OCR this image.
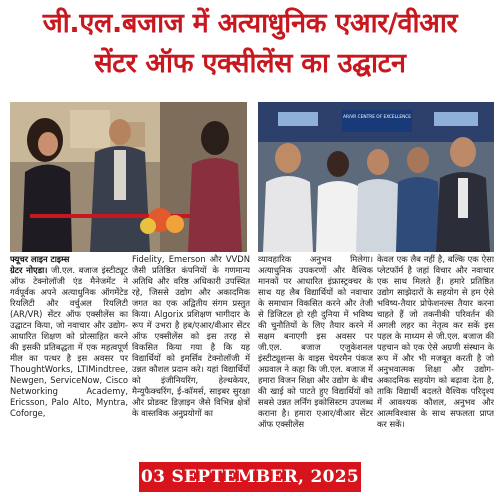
जी.एल.बजाज में अत्याधुनिक एआर/वीआर
सेंटर ऑफ एक्सीलेंस का उद्घाटन
AR/VR CENTRE OF EXCELLENCE

फ्यूचर लाइन टाइम्स
ग्रेटर नोएडा। जी.एल. बजाज इंस्टीट्यूट ऑफ टेक्नोलॉजी एंड मैनेजमेंट ने गर्वपूर्वक अपने अत्याधुनिक ऑगमेंटेड रियलिटी और वर्चुअल रियलिटी (AR/VR) सेंटर ऑफ एक्सीलेंस का उद्घाटन किया, जो नवाचार और उद्योग-आधारित शिक्षण को प्रोत्साहित करने की इसकी प्रतिबद्धता में एक महत्वपूर्ण मील का पत्थर है इस अवसर पर ThoughtWorks, LTIMindtree, Newgen, ServiceNow, Cisco Networking Academy, Ericsson, Palo Alto, Myntra, Coforge,

Fidelity, Emerson और VVDN जैसी प्रतिष्ठित कंपनियों के गणमान्य अतिथि और वरिष्ठ अधिकारी उपस्थित रहे, जिससे उद्योग और अकादमिक जगत का एक अद्वितीय संगम प्रस्तुत किया। Algorix प्रशिक्षण भागीदार के रूप में उभरा है हब/एआर/वीआर सेंटर ऑफ एक्सीलेंस को इस तरह से विकसित किया गया है कि यह विद्यार्थियों को इमर्सिव टेक्नोलॉजी में उन्नत कौशल प्रदान करे। यहां विद्यार्थियों को इंजीनियरिंग, हेल्थकेयर, मैन्युफैक्चरिंग, ई-कॉमर्स, साइबर सुरक्षा और प्रोडक्ट डिज़ाइन जैसे विभिन्न क्षेत्रों के वास्तविक अनुप्रयोगों का

व्यावहारिक अनुभव मिलेगा। अत्याधुनिक उपकरणों और वैश्विक मानकों पर आधारित इंफ्रास्ट्रक्चर के साथ यह लैब विद्यार्थियों को नवाचार के समाधान विकसित करने और तेजी से डिजिटल हो रही दुनिया में भविष्य की चुनौतियों के लिए तैयार करने में सक्षम बनाएगी इस अवसर पर जी.एल. बजाज एजुकेशनल इंस्टीट्यूशन्स के वाइस चेयरमैन पंकज अग्रवाल ने कहा कि जी.एल. बजाज में हमारा विजन शिक्षा और उद्योग के बीच की खाई को पाटते हुए विद्यार्थियों को सबसे उन्नत लर्निंग इकोसिस्टम उपलब्ध कराना है। हमारा एआर/वीआर सेंटर ऑफ एक्सीलेंस

केवल एक लैब नहीं है, बल्कि एक ऐसा प्लेटफॉर्म है जहां विचार और नवाचार एक साथ मिलते हैं। हमारे प्रतिष्ठित उद्योग साझेदारों के सहयोग से हम ऐसे भविष्य-तैयार प्रोफेशनल्स तैयार करना चाहते हैं जो तकनीकी परिवर्तन की अगली लहर का नेतृत्व कर सकें इस पहल के माध्यम से जी.एल. बजाज की पहचान को एक ऐसे अग्रणी संस्थान के रूप में और भी मजबूत करती है जो अनुभवात्मक शिक्षा और उद्योग-अकादमिक सहयोग को बढ़ावा देता है, ताकि विद्यार्थी बदलते वैश्विक परिदृश्य में आवश्यक कौशल, अनुभव और आत्मविश्वास के साथ सफलता प्राप्त कर सकें।

03 SEPTEMBER, 2025
